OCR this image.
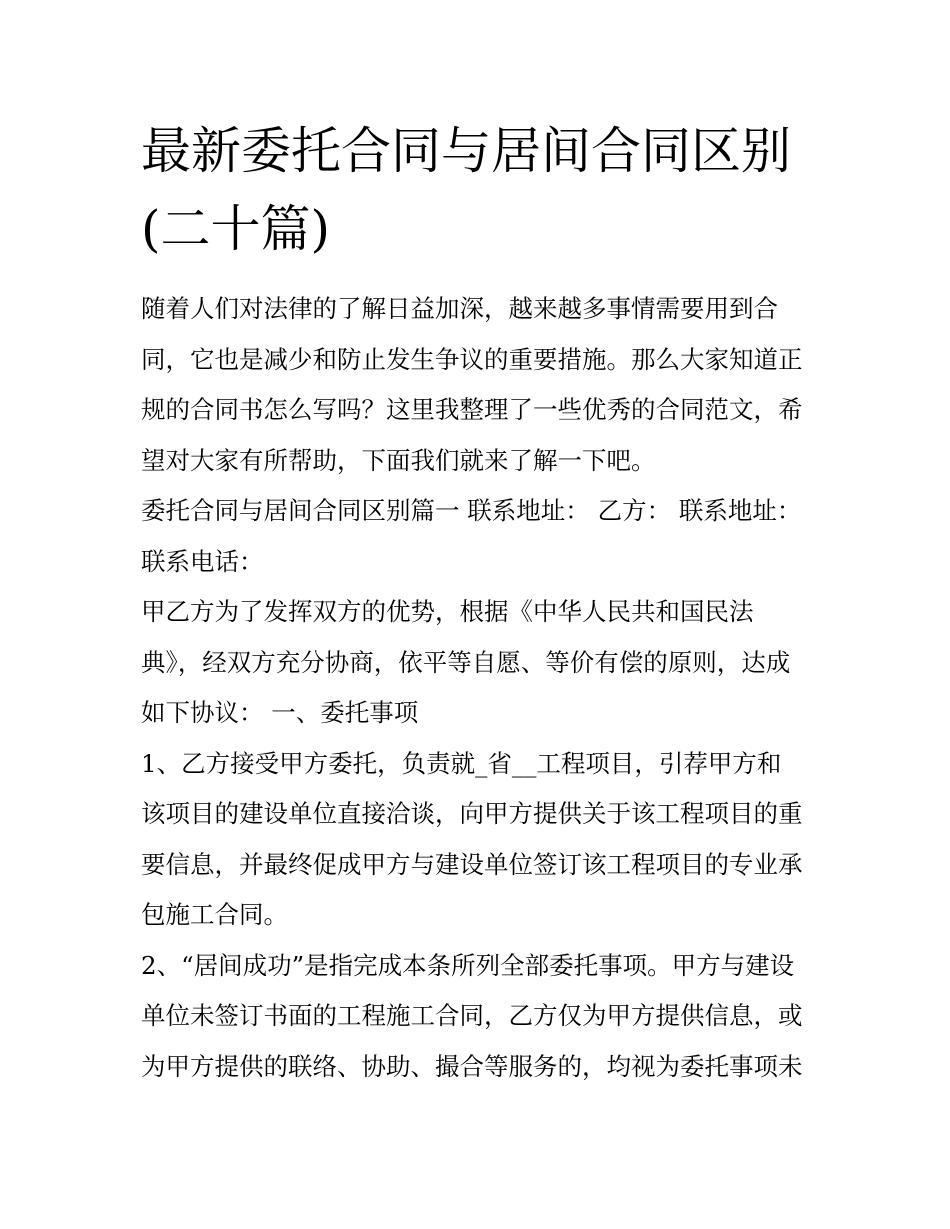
最新委托合同与居间合同区别
(二十篇)

随着人们对法律的了解日益加深，越来越多事情需要用到合
同，它也是减少和防止发生争议的重要措施。那么大家知道正
规的合同书怎么写吗？这里我整理了一些优秀的合同范文，希
望对大家有所帮助，下面我们就来了解一下吧。

委托合同与居间合同区别篇一 联系地址： 乙方： 联系地址：
联系电话：

甲乙方为了发挥双方的优势，根据《中华人民共和国民法
典》，经双方充分协商，依平等自愿、等价有偿的原则，达成
如下协议： 一、委托事项

1、乙方接受甲方委托，负责就_省__工程项目，引荐甲方和
该项目的建设单位直接洽谈，向甲方提供关于该工程项目的重
要信息，并最终促成甲方与建设单位签订该工程项目的专业承
包施工合同。

2、“居间成功”是指完成本条所列全部委托事项。甲方与建设
单位未签订书面的工程施工合同，乙方仅为甲方提供信息，或
为甲方提供的联络、协助、撮合等服务的，均视为委托事项未
